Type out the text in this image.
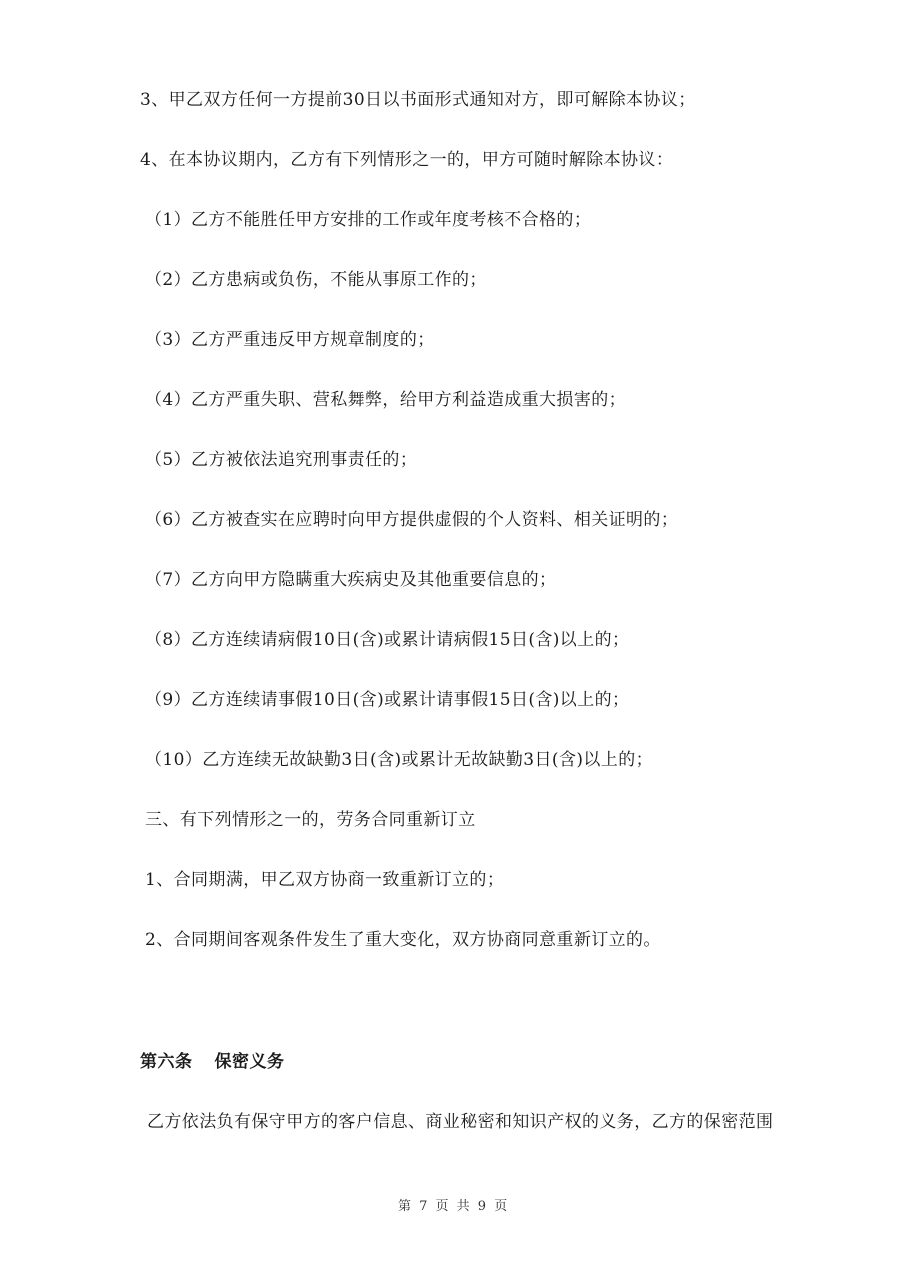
3、甲乙双方任何一方提前30日以书面形式通知对方，即可解除本协议；
4、在本协议期内，乙方有下列情形之一的，甲方可随时解除本协议：
（1）乙方不能胜任甲方安排的工作或年度考核不合格的；
（2）乙方患病或负伤，不能从事原工作的；
（3）乙方严重违反甲方规章制度的；
（4）乙方严重失职、营私舞弊，给甲方利益造成重大损害的；
（5）乙方被依法追究刑事责任的；
（6）乙方被查实在应聘时向甲方提供虚假的个人资料、相关证明的；
（7）乙方向甲方隐瞒重大疾病史及其他重要信息的；
（8）乙方连续请病假10日(含)或累计请病假15日(含)以上的；
（9）乙方连续请事假10日(含)或累计请事假15日(含)以上的；
（10）乙方连续无故缺勤3日(含)或累计无故缺勤3日(含)以上的；
三、有下列情形之一的，劳务合同重新订立
1、合同期满，甲乙双方协商一致重新订立的；
2、合同期间客观条件发生了重大变化，双方协商同意重新订立的。
第六条 保密义务
乙方依法负有保守甲方的客户信息、商业秘密和知识产权的义务，乙方的保密范围
第 7 页 共 9 页
